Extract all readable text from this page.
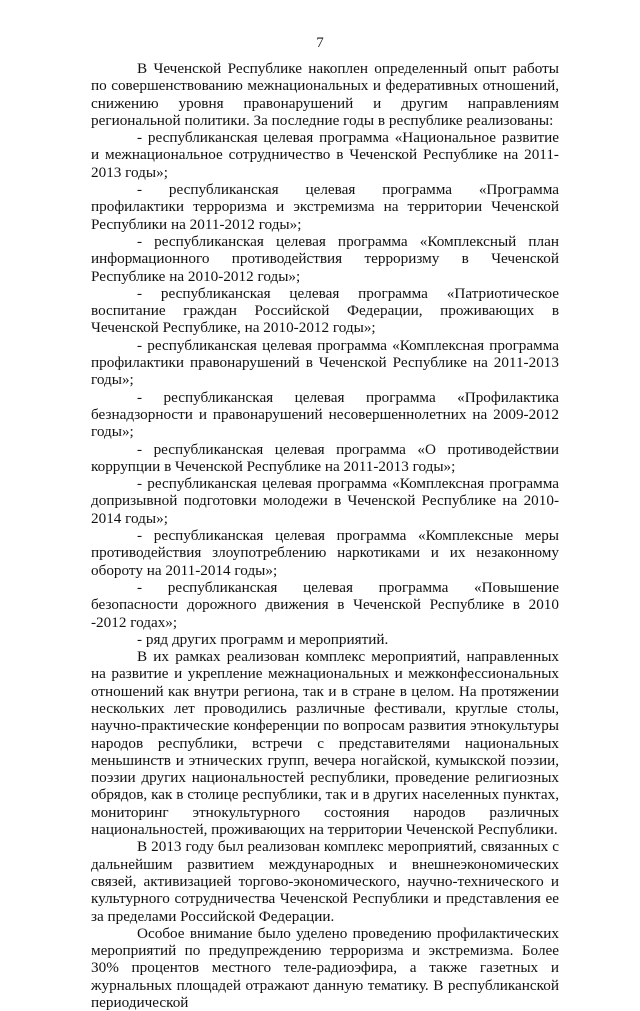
7

В Чеченской Республике накоплен определенный опыт работы по совершенствованию межнациональных и федеративных отношений, снижению уровня правонарушений и другим направлениям региональной политики. За последние годы в республике реализованы:

- республиканская целевая программа «Национальное развитие и межнациональное сотрудничество в Чеченской Республике на 2011-2013 годы»;

- республиканская целевая программа «Программа профилактики терроризма и экстремизма на территории Чеченской Республики на 2011-2012 годы»;

- республиканская целевая программа «Комплексный план информационного противодействия терроризму в Чеченской Республике на 2010-2012 годы»;

- республиканская целевая программа «Патриотическое воспитание граждан Российской Федерации, проживающих в Чеченской Республике, на 2010-2012 годы»;

- республиканская целевая программа «Комплексная программа профилактики правонарушений в Чеченской Республике на 2011-2013 годы»;

- республиканская целевая программа «Профилактика безнадзорности и правонарушений несовершеннолетних на 2009-2012 годы»;

- республиканская целевая программа «О противодействии коррупции в Чеченской Республике на 2011-2013 годы»;

- республиканская целевая программа «Комплексная программа допризывной подготовки молодежи в Чеченской Республике на 2010-2014 годы»;

- республиканская целевая программа «Комплексные меры противодействия злоупотреблению наркотиками и их незаконному обороту на 2011-2014 годы»;

- республиканская целевая программа «Повышение безопасности дорожного движения в Чеченской Республике в 2010 -2012 годах»;

- ряд других программ и мероприятий.

В их рамках реализован комплекс мероприятий, направленных на развитие и укрепление межнациональных и межконфессиональных отношений как внутри региона, так и в стране в целом. На протяжении нескольких лет проводились различные фестивали, круглые столы, научно-практические конференции по вопросам развития этнокультуры народов республики, встречи с представителями национальных меньшинств и этнических групп, вечера ногайской, кумыкской поэзии, поэзии других национальностей республики, проведение религиозных обрядов, как в столице республики, так и в других населенных пунктах, мониторинг этнокультурного состояния народов различных национальностей, проживающих на территории Чеченской Республики.

В 2013 году был реализован комплекс мероприятий, связанных с дальнейшим развитием международных и внешнеэкономических связей, активизацией торгово-экономического, научно-технического и культурного сотрудничества Чеченской Республики и представления ее за пределами Российской Федерации.

Особое внимание было уделено проведению профилактических мероприятий по предупреждению терроризма и экстремизма. Более 30% процентов местного теле-радиоэфира, а также газетных и журнальных площадей отражают данную тематику. В республиканской периодической
